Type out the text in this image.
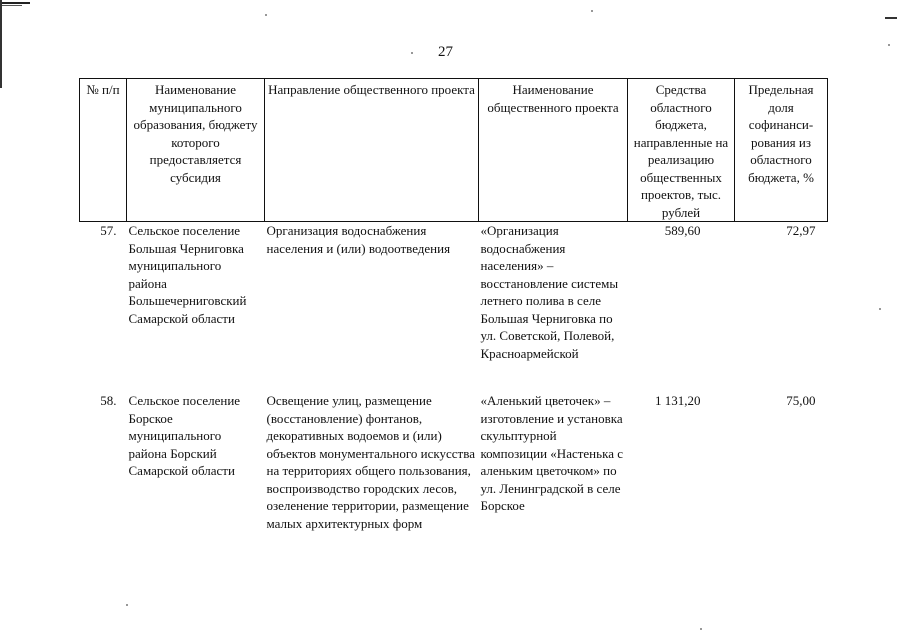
27
№ п/п	Наименование муниципального образования, бюджету которого предоставляется субсидия	Направление общественного проекта	Наименование общественного проекта	Средства областного бюджета, направленные на реализацию общественных проектов, тыс. рублей	Предельная доля софинанси-рования из областного бюджета, %
57.	Сельское поселение Большая Черниговка муниципального района Большечерниговский Самарской области	Организация водоснабжения населения и (или) водоотведения	«Организация водоснабжения населения» – восстановление системы летнего полива в селе Большая Черниговка по ул. Советской, Полевой, Красноармейской	589,60	72,97
58.	Сельское поселение Борское муниципального района Борский Самарской области	Освещение улиц, размещение (восстановление) фонтанов, декоративных водоемов и (или) объектов монументального искусства на территориях общего пользования, воспроизводство городских лесов, озеленение территории, размещение малых архитектурных форм	«Аленький цветочек» – изготовление и установка скульптурной композиции «Настенька с аленьким цветочком» по ул. Ленинградской в селе Борское	1 131,20	75,00
